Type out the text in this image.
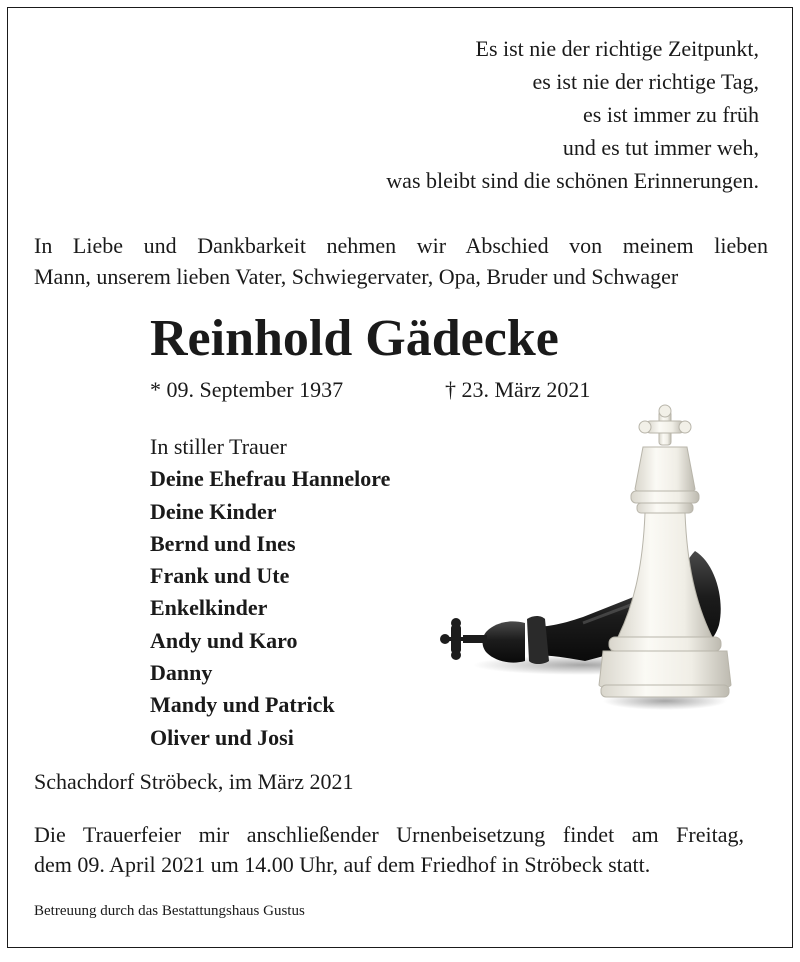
Es ist nie der richtige Zeitpunkt,
es ist nie der richtige Tag,
es ist immer zu früh
und es tut immer weh,
was bleibt sind die schönen Erinnerungen.
In Liebe und Dankbarkeit nehmen wir Abschied von meinem lieben
Mann, unserem lieben Vater, Schwiegervater, Opa, Bruder und Schwager
Reinhold Gädecke
* 09. September 1937	† 23. März 2021
In stiller Trauer
Deine Ehefrau Hannelore
Deine Kinder
Bernd und Ines
Frank und Ute
Enkelkinder
Andy und Karo
Danny
Mandy und Patrick
Oliver und Josi
Schachdorf Ströbeck, im März 2021
Die Trauerfeier mir anschließender Urnenbeisetzung findet am Freitag,
dem 09. April 2021 um 14.00 Uhr, auf dem Friedhof in Ströbeck statt.
Betreuung durch das Bestattungshaus Gustus
